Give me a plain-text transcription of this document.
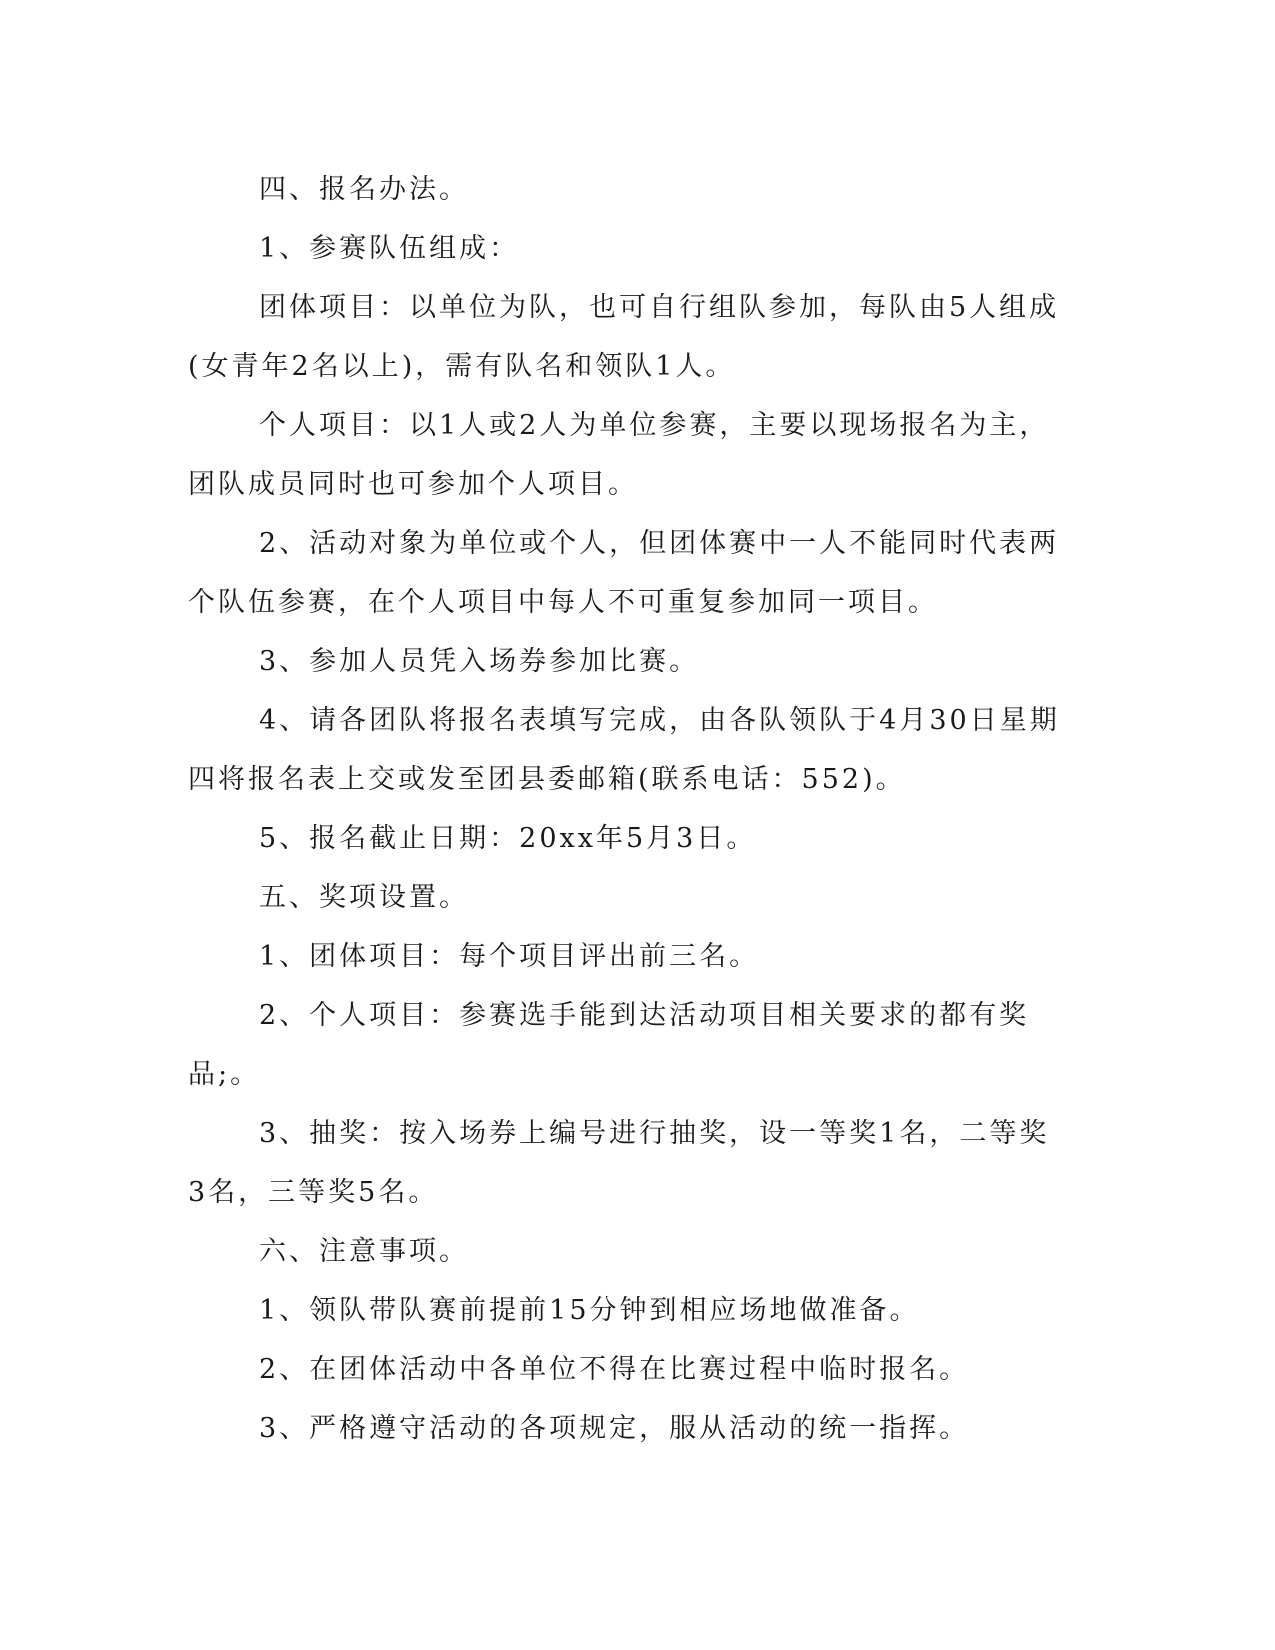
四、报名办法。

1、参赛队伍组成：

团体项目：以单位为队，也可自行组队参加，每队由5人组成(女青年2名以上)，需有队名和领队1人。

个人项目：以1人或2人为单位参赛，主要以现场报名为主，团队成员同时也可参加个人项目。

2、活动对象为单位或个人，但团体赛中一人不能同时代表两个队伍参赛，在个人项目中每人不可重复参加同一项目。

3、参加人员凭入场券参加比赛。

4、请各团队将报名表填写完成，由各队领队于4月30日星期四将报名表上交或发至团县委邮箱(联系电话：552)。

5、报名截止日期：20xx年5月3日。

五、奖项设置。

1、团体项目：每个项目评出前三名。

2、个人项目：参赛选手能到达活动项目相关要求的都有奖品;。

3、抽奖：按入场券上编号进行抽奖，设一等奖1名，二等奖3名，三等奖5名。

六、注意事项。

1、领队带队赛前提前15分钟到相应场地做准备。

2、在团体活动中各单位不得在比赛过程中临时报名。

3、严格遵守活动的各项规定，服从活动的统一指挥。
